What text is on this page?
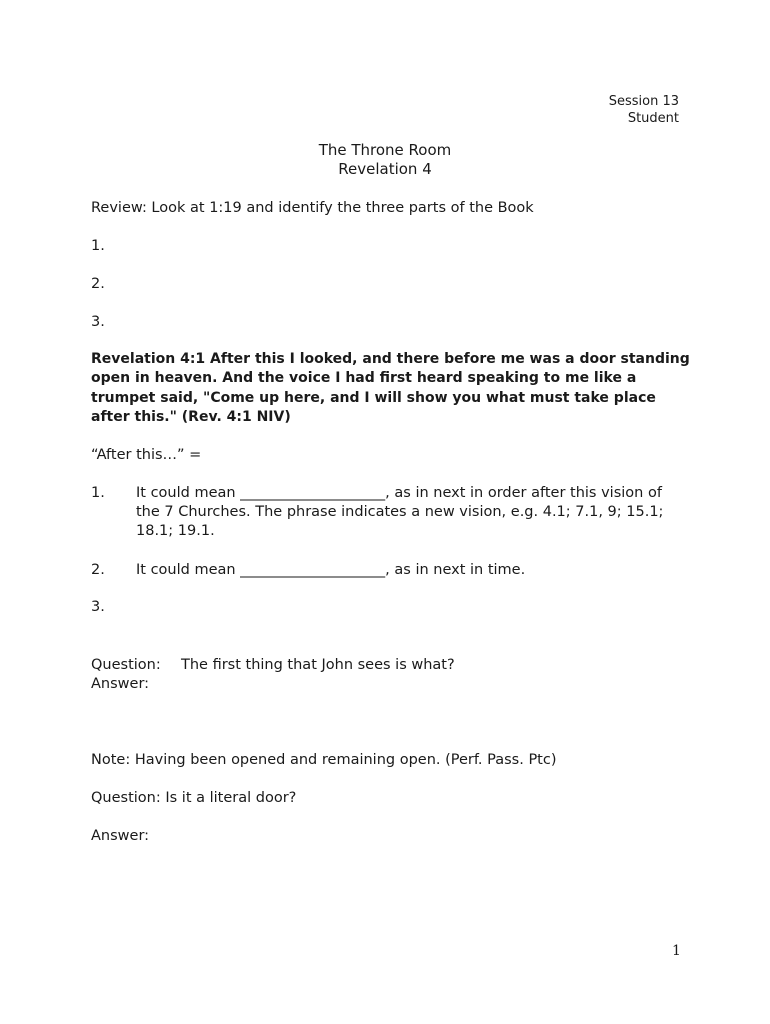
Session 13
Student
The Throne Room
Revelation 4
Review: Look at 1:19 and identify the three parts of the Book
1.
2.
3.
Revelation 4:1 After this I looked, and there before me was a door standing open in heaven. And the voice I had first heard speaking to me like a trumpet said, "Come up here, and I will show you what must take place after this." (Rev. 4:1 NIV)
“After this…” =
1. It could mean ____________________, as in next in order after this vision of the 7 Churches. The phrase indicates a new vision, e.g. 4.1; 7.1, 9; 15.1; 18.1; 19.1.
2. It could mean ____________________, as in next in time.
3.
Question: The first thing that John sees is what?
Answer:
Note: Having been opened and remaining open. (Perf. Pass. Ptc)
Question: Is it a literal door?
Answer:
1
